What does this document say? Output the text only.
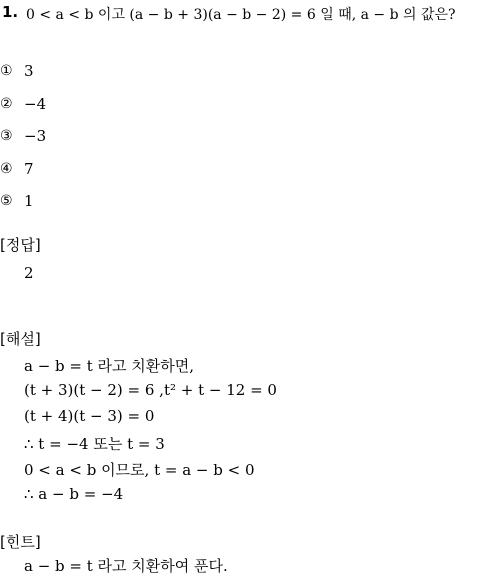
1. 0 < a < b 이고 (a − b + 3)(a − b − 2) = 6 일 때, a − b 의 값은?
① 3
② −4
③ −3
④ 7
⑤ 1
[정답]
2
[해설]
a − b = t 라고 치환하면,
(t + 3)(t − 2) = 6 ,t² + t − 12 = 0
(t + 4)(t − 3) = 0
∴ t = −4 또는 t = 3
0 < a < b 이므로, t = a − b < 0
∴ a − b = −4
[힌트]
a − b = t 라고 치환하여 푼다.
